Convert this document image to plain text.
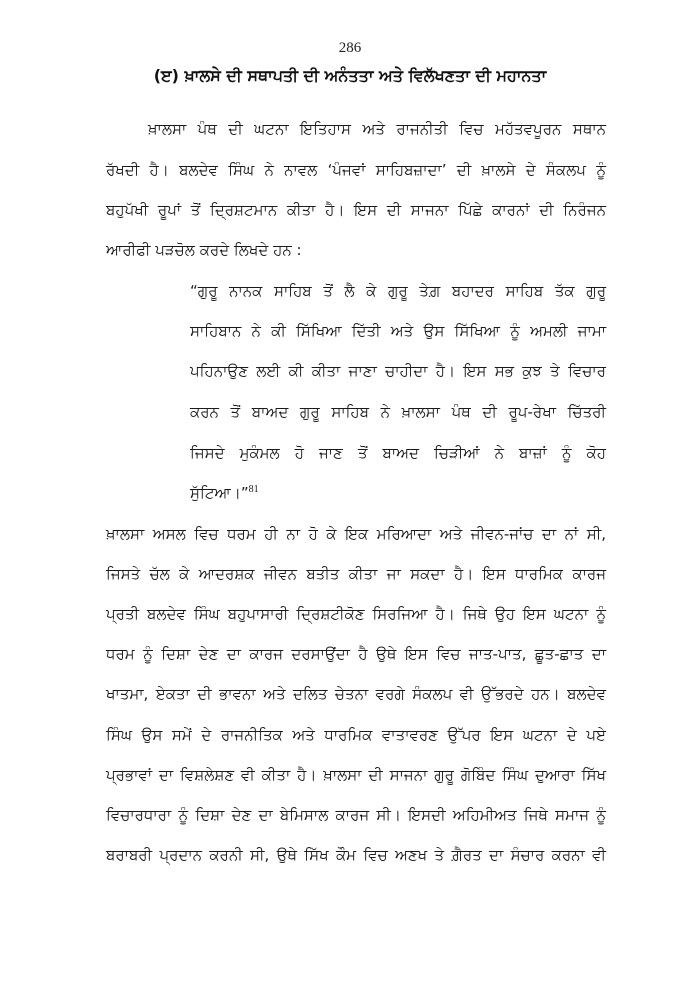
286
(ੲ) ਖ਼ਾਲਸੇ ਦੀ ਸਥਾਪਤੀ ਦੀ ਅਨੰਤਤਾ ਅਤੇ ਵਿਲੱਖਣਤਾ ਦੀ ਮਹਾਨਤਾ
ਖ਼ਾਲਸਾ ਪੰਥ ਦੀ ਘਟਨਾ ਇਤਿਹਾਸ ਅਤੇ ਰਾਜਨੀਤੀ ਵਿਚ ਮਹੱਤਵਪੂਰਨ ਸਥਾਨ
ਰੱਖਦੀ ਹੈ। ਬਲਦੇਵ ਸਿੰਘ ਨੇ ਨਾਵਲ ‘ਪੰਜਵਾਂ ਸਾਹਿਬਜ਼ਾਦਾ’ ਦੀ ਖ਼ਾਲਸੇ ਦੇ ਸੰਕਲਪ ਨੂੰ
ਬਹੁਪੱਖੀ ਰੂਪਾਂ ਤੋਂ ਦ੍ਰਿਸ਼ਟਮਾਨ ਕੀਤਾ ਹੈ। ਇਸ ਦੀ ਸਾਜਨਾ ਪਿੱਛੇ ਕਾਰਨਾਂ ਦੀ ਨਿਰੰਜਨ
ਆਰੀਫੀ ਪੜਚੋਲ ਕਰਦੇ ਲਿਖਦੇ ਹਨ :
“ਗੁਰੂ ਨਾਨਕ ਸਾਹਿਬ ਤੋਂ ਲੈ ਕੇ ਗੁਰੂ ਤੇਗ਼ ਬਹਾਦਰ ਸਾਹਿਬ ਤੱਕ ਗੁਰੂ
ਸਾਹਿਬਾਨ ਨੇ ਕੀ ਸਿੱਖਿਆ ਦਿੱਤੀ ਅਤੇ ਉਸ ਸਿੱਖਿਆ ਨੂੰ ਅਮਲੀ ਜਾਮਾ
ਪਹਿਨਾਉਣ ਲਈ ਕੀ ਕੀਤਾ ਜਾਣਾ ਚਾਹੀਦਾ ਹੈ। ਇਸ ਸਭ ਕੁਝ ਤੇ ਵਿਚਾਰ
ਕਰਨ ਤੋਂ ਬਾਅਦ ਗੁਰੂ ਸਾਹਿਬ ਨੇ ਖ਼ਾਲਸਾ ਪੰਥ ਦੀ ਰੂਪ-ਰੇਖਾ ਚਿੱਤਰੀ
ਜਿਸਦੇ ਮੁਕੰਮਲ ਹੋ ਜਾਣ ਤੋਂ ਬਾਅਦ ਚਿੜੀਆਂ ਨੇ ਬਾਜ਼ਾਂ ਨੂੰ ਕੋਹ
ਸੁੱਟਿਆ।”$^{81}$
ਖ਼ਾਲਸਾ ਅਸਲ ਵਿਚ ਧਰਮ ਹੀ ਨਾ ਹੋ ਕੇ ਇਕ ਮਰਿਆਦਾ ਅਤੇ ਜੀਵਨ-ਜਾਂਚ ਦਾ ਨਾਂ ਸੀ,
ਜਿਸਤੇ ਚੱਲ ਕੇ ਆਦਰਸ਼ਕ ਜੀਵਨ ਬਤੀਤ ਕੀਤਾ ਜਾ ਸਕਦਾ ਹੈ। ਇਸ ਧਾਰਮਿਕ ਕਾਰਜ
ਪ੍ਰਤੀ ਬਲਦੇਵ ਸਿੰਘ ਬਹੁਪਾਸਾਰੀ ਦ੍ਰਿਸ਼ਟੀਕੋਣ ਸਿਰਜਿਆ ਹੈ। ਜਿਥੇ ਉਹ ਇਸ ਘਟਨਾ ਨੂੰ
ਧਰਮ ਨੂੰ ਦਿਸ਼ਾ ਦੇਣ ਦਾ ਕਾਰਜ ਦਰਸਾਉਂਦਾ ਹੈ ਉਥੇ ਇਸ ਵਿਚ ਜਾਤ-ਪਾਤ, ਛੂਤ-ਛਾਤ ਦਾ
ਖਾਤਮਾ, ਏਕਤਾ ਦੀ ਭਾਵਨਾ ਅਤੇ ਦਲਿਤ ਚੇਤਨਾ ਵਰਗੇ ਸੰਕਲਪ ਵੀ ਉੱਭਰਦੇ ਹਨ। ਬਲਦੇਵ
ਸਿੰਘ ਉਸ ਸਮੇਂ ਦੇ ਰਾਜਨੀਤਿਕ ਅਤੇ ਧਾਰਮਿਕ ਵਾਤਾਵਰਣ ਉੱਪਰ ਇਸ ਘਟਨਾ ਦੇ ਪਏ
ਪ੍ਰਭਾਵਾਂ ਦਾ ਵਿਸ਼ਲੇਸ਼ਣ ਵੀ ਕੀਤਾ ਹੈ। ਖ਼ਾਲਸਾ ਦੀ ਸਾਜਨਾ ਗੁਰੂ ਗੋਬਿੰਦ ਸਿੰਘ ਦੁਆਰਾ ਸਿੱਖ
ਵਿਚਾਰਧਾਰਾ ਨੂੰ ਦਿਸ਼ਾ ਦੇਣ ਦਾ ਬੇਮਿਸਾਲ ਕਾਰਜ ਸੀ। ਇਸਦੀ ਅਹਿਮੀਅਤ ਜਿਥੇ ਸਮਾਜ ਨੂੰ
ਬਰਾਬਰੀ ਪ੍ਰਦਾਨ ਕਰਨੀ ਸੀ, ਉਥੇ ਸਿੱਖ ਕੌਮ ਵਿਚ ਅਣਖ ਤੇ ਗ਼ੈਰਤ ਦਾ ਸੰਚਾਰ ਕਰਨਾ ਵੀ
